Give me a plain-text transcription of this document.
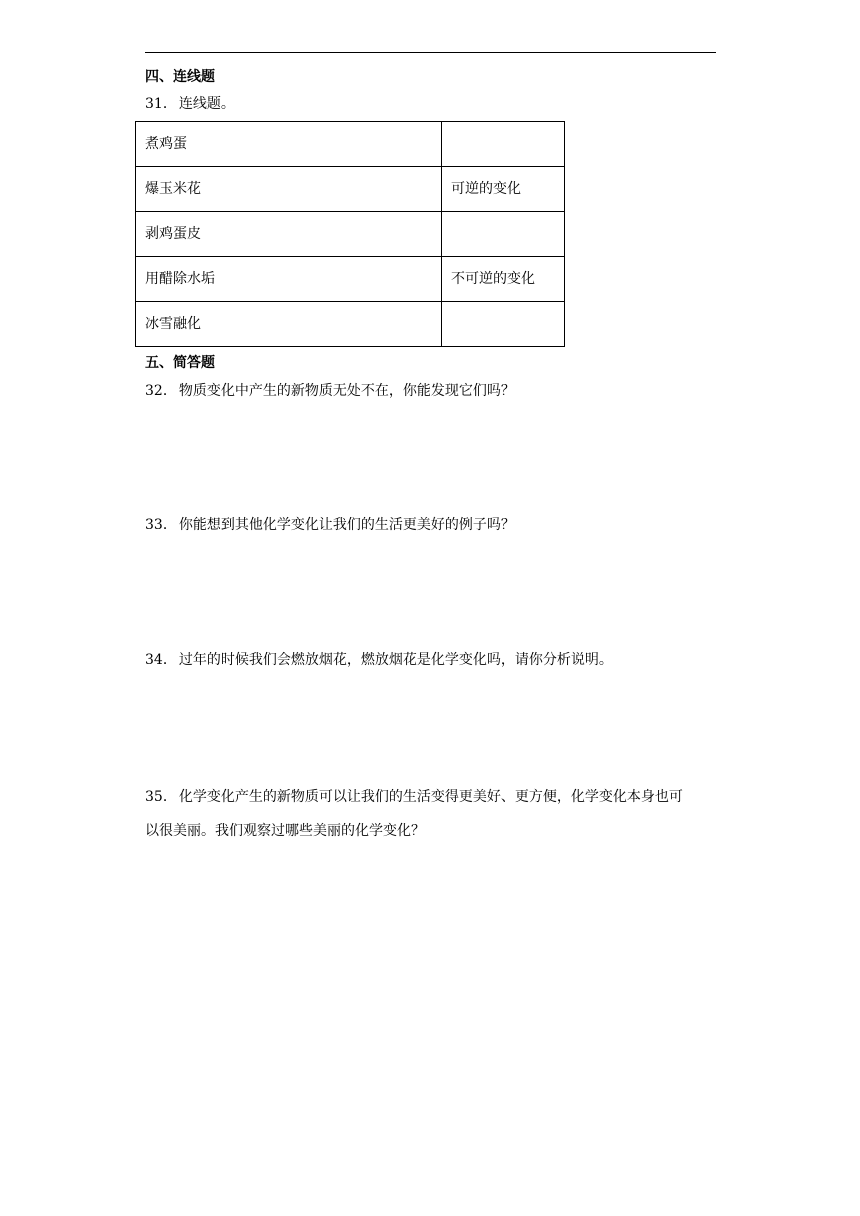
四、连线题
31． 连线题。
煮鸡蛋	
爆玉米花	可逆的变化
剥鸡蛋皮	
用醋除水垢	不可逆的变化
冰雪融化	
五、简答题
32． 物质变化中产生的新物质无处不在，你能发现它们吗？
33． 你能想到其他化学变化让我们的生活更美好的例子吗？
34． 过年的时候我们会燃放烟花，燃放烟花是化学变化吗，请你分析说明。
35． 化学变化产生的新物质可以让我们的生活变得更美好、更方便，化学变化本身也可
以很美丽。我们观察过哪些美丽的化学变化？
